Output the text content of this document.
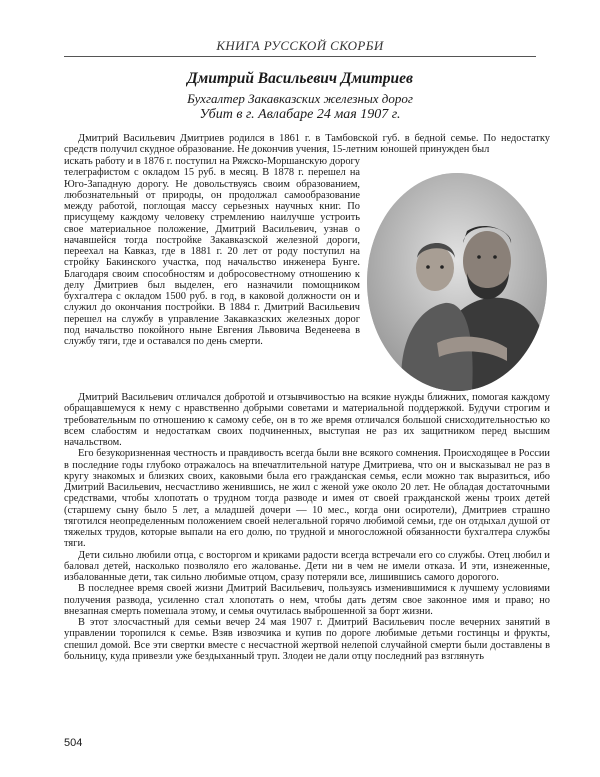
КНИГА РУССКОЙ СКОРБИ
Дмитрий Васильевич Дмитриев
Бухгалтер Закавказских железных дорог
Убит в г. Авлабаре 24 мая 1907 г.

Дмитрий Васильевич Дмитриев родился в 1861 г. в Тамбовской губ. в бедной семье. По недостатку средств получил скудное образование. Не докончив учения, 15-летним юношей принужден был

искать работу и в 1876 г. поступил на Ряжско-Моршанскую дорогу телеграфистом с окладом 15 руб. в месяц. В 1878 г. перешел на Юго-Западную дорогу. Не довольствуясь своим образованием, любознательный от природы, он продолжал самообразование между работой, поглощая массу серьезных научных книг. По присущему каждому человеку стремлению наилучше устроить свое материальное положение, Дмитрий Васильевич, узнав о начавшейся тогда постройке Закавказской железной дороги, переехал на Кавказ, где в 1881 г. 20 лет от роду поступил на стройку Бакинского участка, под начальство инженера Бунге. Благодаря своим способностям и добросовестному отношению к делу Дмитриев был выделен, его назначили помощником бухгалтера с окладом 1500 руб. в год, в каковой должности он и служил до окончания постройки. В 1884 г. Дмитрий Васильевич перешел на службу в управление Закавказских железных дорог под начальство покойного ныне Евгения Львовича Веденеева в службу тяги, где и оставался по день смерти.

Дмитрий Васильевич отличался добротой и отзывчивостью на всякие нужды ближних, помогая каждому обращавшемуся к нему с нравственно добрыми советами и материальной поддержкой. Будучи строгим и требовательным по отношению к самому себе, он в то же время отличался большой снисходительностью ко всем слабостям и недостаткам своих подчиненных, выступая не раз их защитником перед высшим начальством.

Его безукоризненная честность и правдивость всегда были вне всякого сомнения. Происходящее в России в последние годы глубоко отражалось на впечатлительной натуре Дмитриева, что он и высказывал не раз в кругу знакомых и близких своих, каковыми была его гражданская семья, если можно так выразиться, ибо Дмитрий Васильевич, несчастливо женившись, не жил с женой уже около 20 лет. Не обладая достаточными средствами, чтобы хлопотать о трудном тогда разводе и имея от своей гражданской жены троих детей (старшему сыну было 5 лет, а младшей дочери — 10 мес., когда они осиротели), Дмитриев страшно тяготился неопределенным положением своей нелегальной горячо любимой семьи, где он отдыхал душой от тяжелых трудов, которые выпали на его долю, по трудной и многосложной обязанности бухгалтера службы тяги.

Дети сильно любили отца, с восторгом и криками радости всегда встречали его со службы. Отец любил и баловал детей, насколько позволяло его жалованье. Дети ни в чем не имели отказа. И эти, изнеженные, избалованные дети, так сильно любимые отцом, сразу потеряли все, лишившись самого дорогого.

В последнее время своей жизни Дмитрий Васильевич, пользуясь изменившимися к лучшему условиями получения развода, усиленно стал хлопотать о нем, чтобы дать детям свое законное имя и право; но внезапная смерть помешала этому, и семья очутилась выброшенной за борт жизни.

В этот злосчастный для семьи вечер 24 мая 1907 г. Дмитрий Васильевич после вечерних занятий в управлении торопился к семье. Взяв извозчика и купив по дороге любимые детьми гостинцы и фрукты, спешил домой. Все эти свертки вместе с несчастной жертвой нелепой случайной смерти были доставлены в больницу, куда привезли уже бездыханный труп. Злодеи не дали отцу последний раз взглянуть

504
